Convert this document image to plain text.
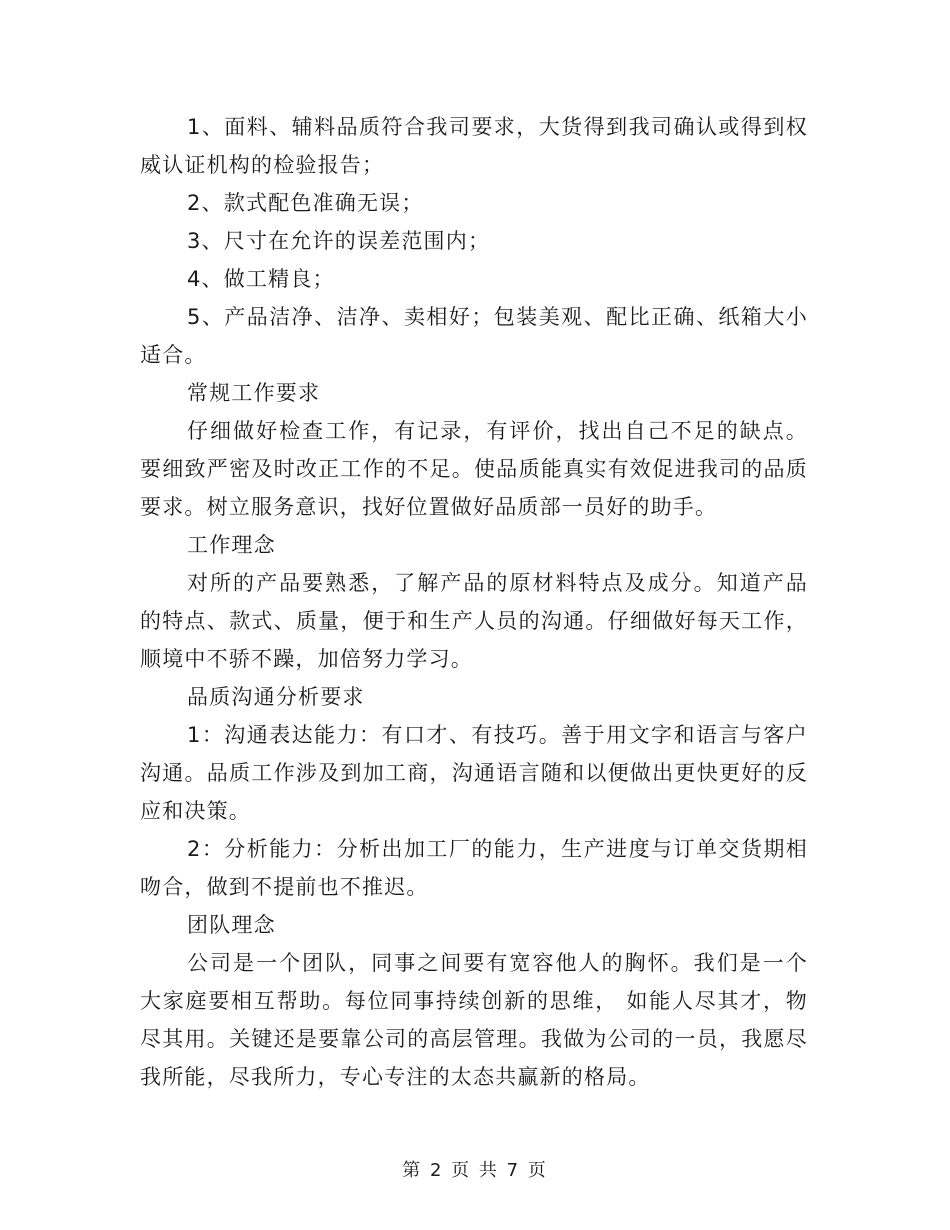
1、面料、辅料品质符合我司要求，大货得到我司确认或得到权威认证机构的检验报告；

2、款式配色准确无误；

3、尺寸在允许的误差范围内；

4、做工精良；

5、产品洁净、洁净、卖相好；包装美观、配比正确、纸箱大小适合。

常规工作要求

仔细做好检查工作，有记录，有评价，找出自己不足的缺点。要细致严密及时改正工作的不足。使品质能真实有效促进我司的品质要求。树立服务意识，找好位置做好品质部一员好的助手。

工作理念

对所的产品要熟悉，了解产品的原材料特点及成分。知道产品的特点、款式、质量，便于和生产人员的沟通。仔细做好每天工作，顺境中不骄不躁，加倍努力学习。

品质沟通分析要求

1：沟通表达能力：有口才、有技巧。善于用文字和语言与客户沟通。品质工作涉及到加工商，沟通语言随和以便做出更快更好的反应和决策。

2：分析能力：分析出加工厂的能力，生产进度与订单交货期相吻合，做到不提前也不推迟。

团队理念

公司是一个团队，同事之间要有宽容他人的胸怀。我们是一个大家庭要相互帮助。每位同事持续创新的思维， 如能人尽其才，物尽其用。关键还是要靠公司的高层管理。我做为公司的一员，我愿尽我所能，尽我所力，专心专注的太态共赢新的格局。

第 2 页 共 7 页
